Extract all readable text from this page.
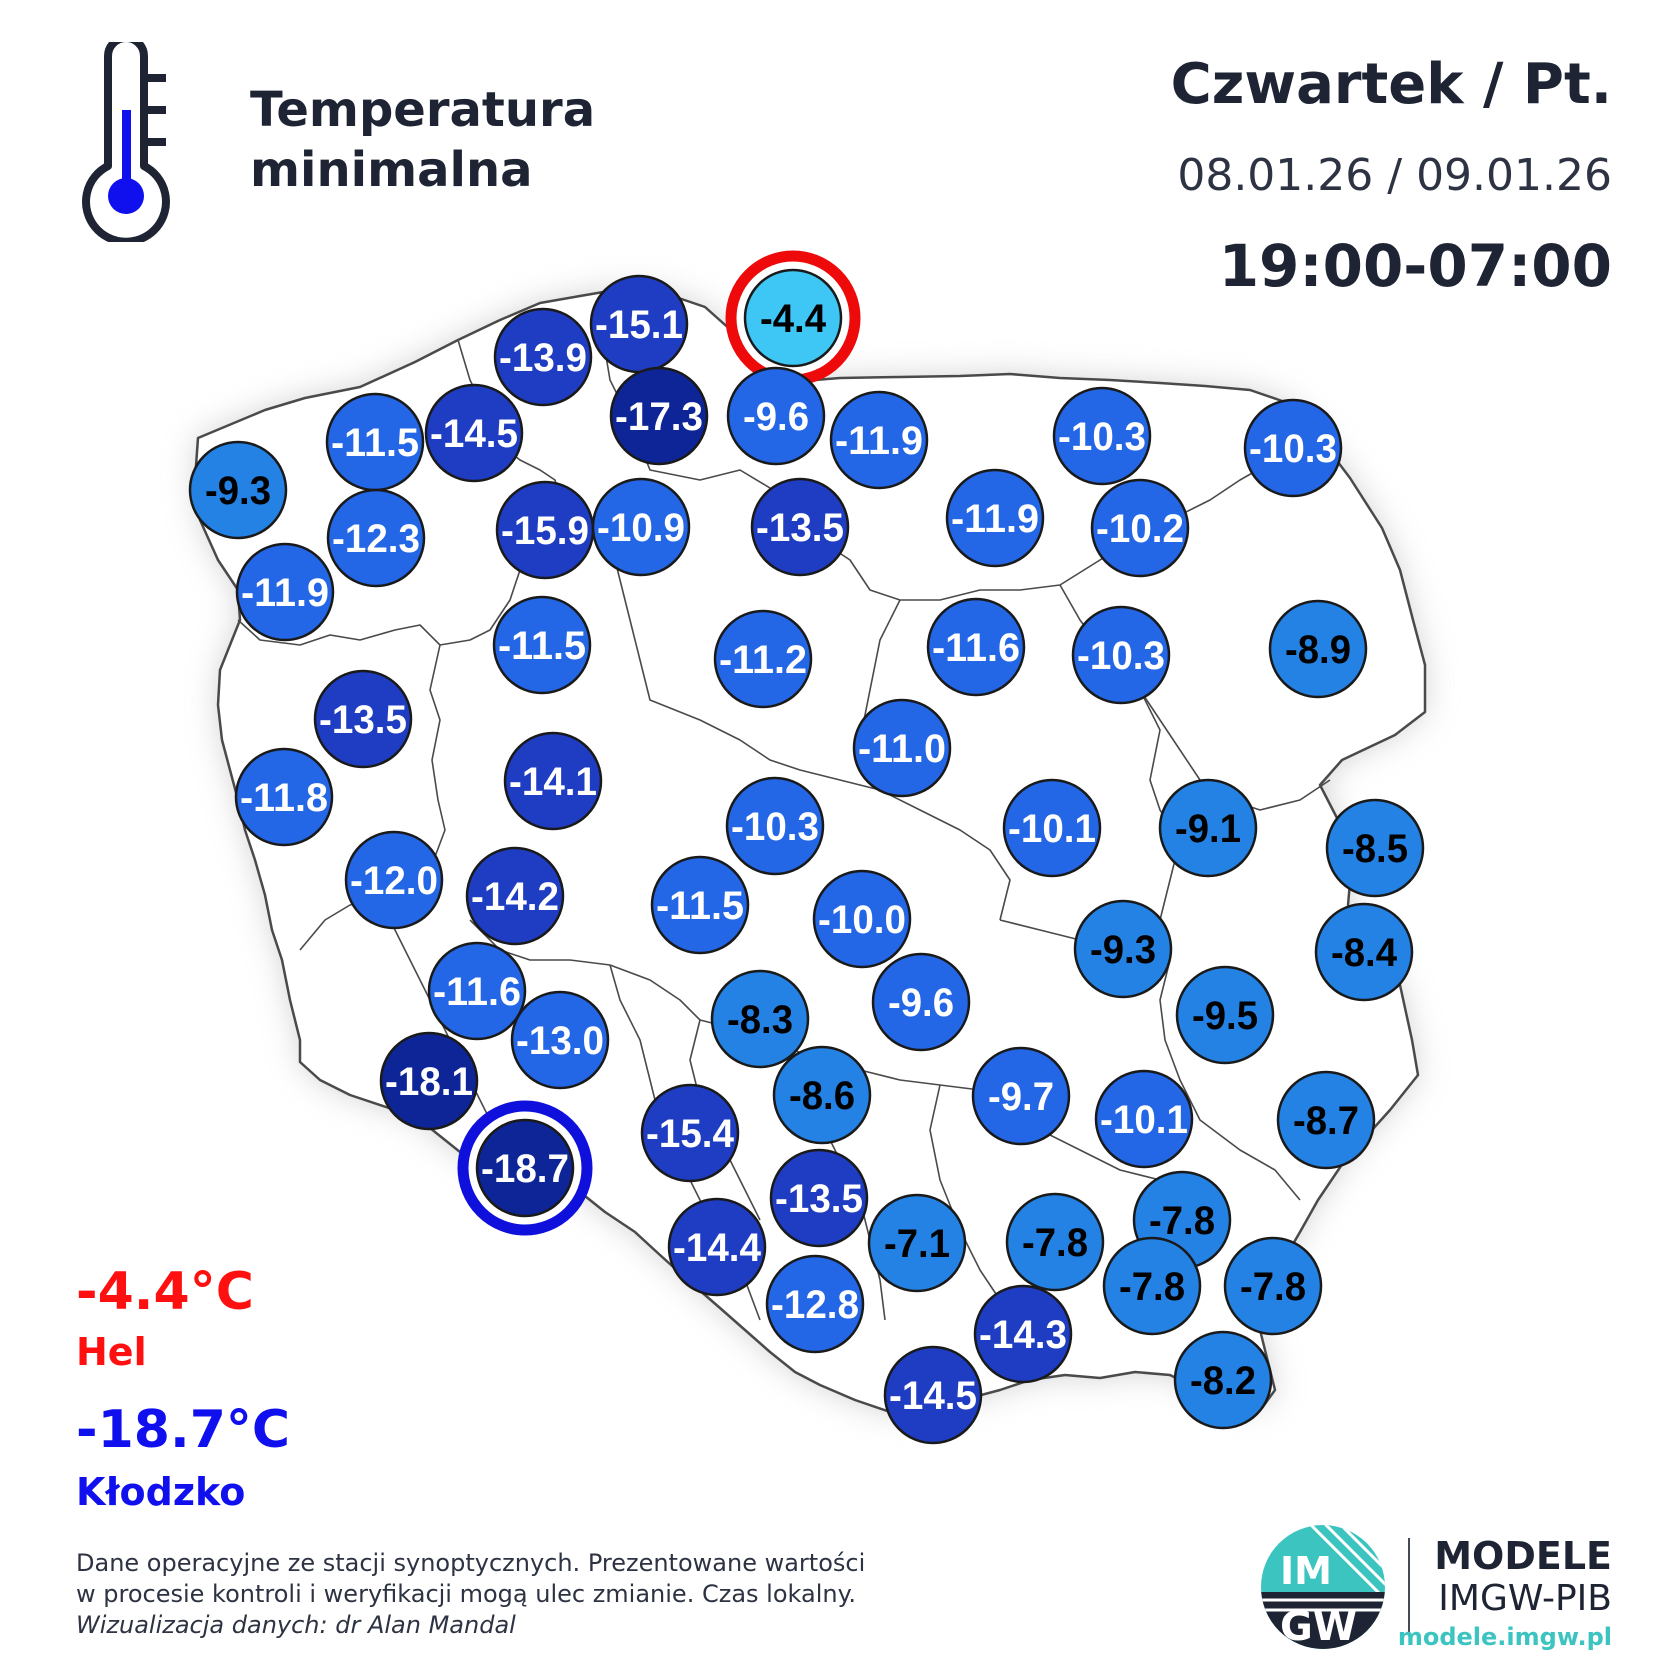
-4.4
-15.1
-13.9
-17.3 -9.6
-11.5 -14.5	-11.9	-10.3	-10.3
-9.3
-12.3 -15.9 -10.9 -13.5	-11.9 -10.2
-11.9
-11.5	-11.2	-11.6 -10.3	-8.9
-13.5
-11.0
-11.8	-14.1
-10.3	-10.1 -9.1	-8.5
-12.0 -14.2 -11.5 -10.0
-9.3	-8.4
-11.6
-8.3 -9.6	-9.5
-13.0
-18.1	-8.6	-9.7
-10.1	-8.7
-15.4
-18.7
-13.5
-7.1 -7.8 -7.8
-14.4
-7.8 -7.8
-12.8
-14.3
-8.2
-14.5
Temperatura
minimalna
Czwartek / Pt.
08.01.26 / 09.01.26
19:00-07:00
-4.4°C
Hel
-18.7°C
Kłodzko
Dane operacyjne ze stacji synoptycznych. Prezentowane wartości
w procesie kontroli i weryfikacji mogą ulec zmianie. Czas lokalny.
Wizualizacja danych: dr Alan Mandal
IM
GW
MODELE
IMGW-PIB
modele.imgw.pl
